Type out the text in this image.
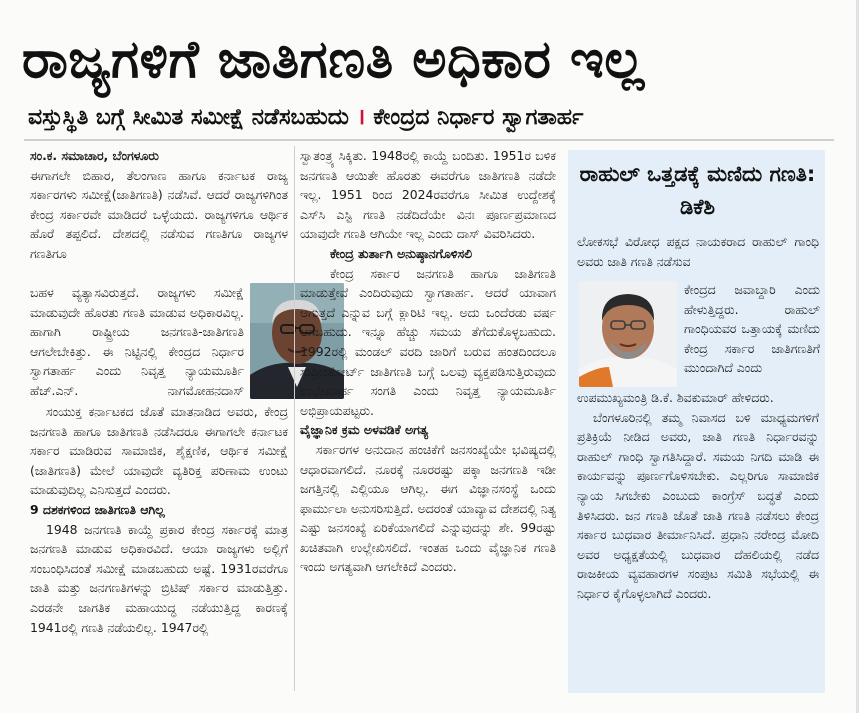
ರಾಜ್ಯಗಳಿಗೆ ಜಾತಿಗಣತಿ ಅಧಿಕಾರ ಇಲ್ಲ
ವಸ್ತುಸ್ಥಿತಿ ಬಗ್ಗೆ ಸೀಮಿತ ಸಮೀಕ್ಷೆ ನಡೆಸಬಹುದು । ಕೇಂದ್ರದ ನಿರ್ಧಾರ ಸ್ವಾಗತಾರ್ಹ

ಸಂ.ಕ. ಸಮಾಚಾರ, ಬೆಂಗಳೂರು

ಈಗಾಗಲೇ ಬಿಹಾರ, ತೆಲಂಗಾಣ ಹಾಗೂ ಕರ್ನಾಟಕ ರಾಜ್ಯ ಸರ್ಕಾರಗಳು ಸಮೀಕ್ಷೆ(ಜಾತಿಗಣತಿ) ನಡೆಸಿವೆ. ಆದರೆ ರಾಜ್ಯಗಳಿಗಿಂತ ಕೇಂದ್ರ ಸರ್ಕಾರವೇ ಮಾಡಿದರೆ ಒಳ್ಳೆಯದು. ರಾಜ್ಯಗಳಿಗೂ ಆರ್ಥಿಕ ಹೊರೆ ತಪ್ಪಲಿದೆ. ದೇಶದಲ್ಲಿ ನಡೆಸುವ ಗಣತಿಗೂ ರಾಜ್ಯಗಳ ಗಣತಿಗೂ

ಬಹಳ ವ್ಯತ್ಯಾಸವಿರುತ್ತದೆ. ರಾಜ್ಯಗಳು ಸಮೀಕ್ಷೆ ಮಾಡುವುದೇ ಹೊರತು ಗಣತಿ ಮಾಡುವ ಅಧಿಕಾರವಿಲ್ಲ. ಹಾಗಾಗಿ ರಾಷ್ಟ್ರೀಯ ಜನಗಣತಿ-ಜಾತಿಗಣತಿ ಆಗಲೇಬೇಕಿತ್ತು. ಈ ನಿಟ್ಟಿನಲ್ಲಿ ಕೇಂದ್ರದ ನಿರ್ಧಾರ ಸ್ವಾಗತಾರ್ಹ ಎಂದು ನಿವೃತ್ತ ನ್ಯಾಯಮೂರ್ತಿ ಹೆಚ್.ಎನ್. ನಾಗಮೋಹನದಾಸ್

ಸಂಯುಕ್ತ ಕರ್ನಾಟಕದ ಜೊತೆ ಮಾತನಾಡಿದ ಅವರು, ಕೇಂದ್ರ ಜನಗಣತಿ ಹಾಗೂ ಜಾತಿಗಣತಿ ನಡೆಸಿದರೂ ಈಗಾಗಲೇ ಕರ್ನಾಟಕ ಸರ್ಕಾರ ಮಾಡಿರುವ ಸಾಮಾಜಿಕ, ಶೈಕ್ಷಣಿಕ, ಆರ್ಥಿಕ ಸಮೀಕ್ಷೆ (ಜಾತಿಗಣತಿ) ಮೇಲೆ ಯಾವುದೇ ವ್ಯತಿರಿಕ್ತ ಪರಿಣಾಮ ಉಂಟು ಮಾಡುವುದಿಲ್ಲ ಎನಿಸುತ್ತದೆ ಎಂದರು.

9 ದಶಕಗಳಿಂದ ಜಾತಿಗಣತಿ ಆಗಿಲ್ಲ

1948 ಜನಗಣತಿ ಕಾಯ್ದೆ ಪ್ರಕಾರ ಕೇಂದ್ರ ಸರ್ಕಾರಕ್ಕೆ ಮಾತ್ರ ಜನಗಣತಿ ಮಾಡುವ ಅಧಿಕಾರವಿದೆ. ಆಯಾ ರಾಜ್ಯಗಳು ಅಲ್ಲಿಗೆ ಸಂಬಂಧಿಸಿದಂತೆ ಸಮೀಕ್ಷೆ ಮಾಡಬಹುದು ಅಷ್ಟೆ. 1931ರವರೆಗೂ ಜಾತಿ ಮತ್ತು ಜನಗಣತಿಗಳನ್ನು ಬ್ರಿಟಿಷ್ ಸರ್ಕಾರ ಮಾಡುತ್ತಿತ್ತು. ಎರಡನೇ ಜಾಗತಿಕ ಮಹಾಯುದ್ಧ ನಡೆಯುತ್ತಿದ್ದ ಕಾರಣಕ್ಕೆ 1941ರಲ್ಲಿ ಗಣತಿ ನಡೆಯಲಿಲ್ಲ. 1947ರಲ್ಲಿ

ಸ್ವಾತಂತ್ರ್ಯ ಸಿಕ್ಕಿತು. 1948ರಲ್ಲಿ ಕಾಯ್ದೆ ಬಂದಿತು. 1951ರ ಬಳಿಕ ಜನಗಣತಿ ಆಯಿತೇ ಹೊರತು ಈವರೆಗೂ ಜಾತಿಗಣತಿ ನಡೆದೇ ಇಲ್ಲ. 1951 ರಿಂದ 2024ರವರೆಗೂ ಸೀಮಿತ ಉದ್ದೇಶಕ್ಕೆ ಎಸ್‌ಸಿ ಎಸ್ಟಿ ಗಣತಿ ನಡೆದಿದೆಯೇ ವಿನಃ ಪೂರ್ಣಪ್ರಮಾಣದ ಯಾವುದೇ ಗಣತಿ ಆಗಿಯೇ ಇಲ್ಲ ಎಂದು ದಾಸ್ ವಿವರಿಸಿದರು.

ಕೇಂದ್ರ ತುರ್ತಾಗಿ ಅನುಷ್ಠಾನಗೊಳಿಸಲಿ

ಕೇಂದ್ರ ಸರ್ಕಾರ ಜನಗಣತಿ ಹಾಗೂ ಜಾತಿಗಣತಿ ಮಾಡುತ್ತೇವೆ ಎಂದಿರುವುದು ಸ್ವಾಗತಾರ್ಹ. ಆದರೆ ಯಾವಾಗ ಆಗುತ್ತದೆ ಎನ್ನುವ ಬಗ್ಗೆ ಕ್ಲಾರಿಟಿ ಇಲ್ಲ. ಅದು ಒಂದೆರಡು ವರ್ಷ ಆಗಬಹುದು. ಇನ್ನೂ ಹೆಚ್ಚು ಸಮಯ ತೆಗೆದುಕೊಳ್ಳಬಹುದು. 1992ರಲ್ಲಿ ಮಂಡಲ್ ವರದಿ ಜಾರಿಗೆ ಬರುವ ಹಂತದಿಂದಲೂ ಸುಪ್ರೀಂಕೋರ್ಟ್ ಜಾತಿಗಣತಿ ಬಗ್ಗೆ ಒಲವು ವ್ಯಕ್ತಪಡಿಸುತ್ತಿರುವುದು ಉಲ್ಲೇಖಾರ್ಹ ಸಂಗತಿ ಎಂದು ನಿವೃತ್ತ ನ್ಯಾಯಮೂರ್ತಿ ಅಭಿಪ್ರಾಯಪಟ್ಟರು.

ವೈಜ್ಞಾನಿಕ ಕ್ರಮ ಅಳವಡಿಕೆ ಅಗತ್ಯ

ಸರ್ಕಾರಗಳ ಅನುದಾನ ಹಂಚಿಕೆಗೆ ಜನಸಂಖ್ಯೆಯೇ ಭವಿಷ್ಯದಲ್ಲಿ ಆಧಾರವಾಗಲಿದೆ. ನೂರಕ್ಕೆ ನೂರರಷ್ಟು ಪಕ್ಕಾ ಜನಗಣತಿ ಇಡೀ ಜಗತ್ತಿನಲ್ಲಿ ಎಲ್ಲಿಯೂ ಆಗಿಲ್ಲ. ಈಗ ವಿಜ್ಞಾನಸಂಸ್ಥೆ ಒಂದು ಫಾರ್ಮುಲಾ ಅನುಸರಿಸುತ್ತಿದೆ. ಅದರಂತೆ ಯಾವ್ಯಾವ ದೇಶದಲ್ಲಿ ನಿತ್ಯ ಎಷ್ಟು ಜನಸಂಖ್ಯೆ ಏರಿಕೆಯಾಗಲಿದೆ ಎನ್ನುವುದನ್ನು ಶೇ. 99ರಷ್ಟು ಖಚಿತವಾಗಿ ಉಲ್ಲೇಖಿಸಲಿದೆ. ಇಂತಹ ಒಂದು ವೈಜ್ಞಾನಿಕ ಗಣತಿ ಇಂದು ಅಗತ್ಯವಾಗಿ ಆಗಲೇಕಿದೆ ಎಂದರು.

ರಾಹುಲ್ ಒತ್ತಡಕ್ಕೆ ಮಣಿದು ಗಣತಿ: ಡಿಕೆಶಿ
ಲೋಕಸಭೆ ವಿರೋಧ ಪಕ್ಷದ ನಾಯಕರಾದ ರಾಹುಲ್ ಗಾಂಧಿ ಅವರು ಜಾತಿ ಗಣತಿ ನಡೆಸುವ
ಕೇಂದ್ರದ ಜವಾಬ್ದಾರಿ ಎಂದು ಹೇಳುತ್ತಿದ್ದರು. ರಾಹುಲ್ ಗಾಂಧಿಯವರ ಒತ್ತಾಯಕ್ಕೆ ಮಣಿದು ಕೇಂದ್ರ ಸರ್ಕಾರ ಜಾತಿಗಣತಿಗೆ ಮುಂದಾಗಿದೆ ಎಂದು

ಉಪಮುಖ್ಯಮಂತ್ರಿ ಡಿ.ಕೆ. ಶಿವಕುಮಾರ್ ಹೇಳಿದರು.

ಬೆಂಗಳೂರಿನಲ್ಲಿ ತಮ್ಮ ನಿವಾಸದ ಬಳಿ ಮಾಧ್ಯಮಗಳಿಗೆ ಪ್ರತಿಕ್ರಿಯೆ ನೀಡಿದ ಅವರು, ಜಾತಿ ಗಣತಿ ನಿರ್ಧಾರವನ್ನು ರಾಹುಲ್ ಗಾಂಧಿ ಸ್ವಾಗತಿಸಿದ್ದಾರೆ. ಸಮಯ ನಿಗದಿ ಮಾಡಿ ಈ ಕಾರ್ಯವನ್ನು ಪೂರ್ಣಗೊಳಿಸಬೇಕು. ಎಲ್ಲರಿಗೂ ಸಾಮಾಜಿಕ ನ್ಯಾಯ ಸಿಗಬೇಕು ಎಂಬುದು ಕಾಂಗ್ರೆಸ್ ಬದ್ಧತೆ ಎಂದು ತಿಳಿಸಿದರು. ಜನ ಗಣತಿ ಜೊತೆ ಜಾತಿ ಗಣತಿ ನಡೆಸಲು ಕೇಂದ್ರ ಸರ್ಕಾರ ಬುಧವಾರ ತೀರ್ಮಾನಿಸಿದೆ. ಪ್ರಧಾನಿ ನರೇಂದ್ರ ಮೋದಿ ಅವರ ಅಧ್ಯಕ್ಷತೆಯಲ್ಲಿ ಬುಧವಾರ ದೆಹಲಿಯಲ್ಲಿ ನಡೆದ ರಾಜಕೀಯ ವ್ಯವಹಾರಗಳ ಸಂಪುಟ ಸಮಿತಿ ಸಭೆಯಲ್ಲಿ ಈ ನಿರ್ಧಾರ ಕೈಗೊಳ್ಳಲಾಗಿದೆ ಎಂದರು.
